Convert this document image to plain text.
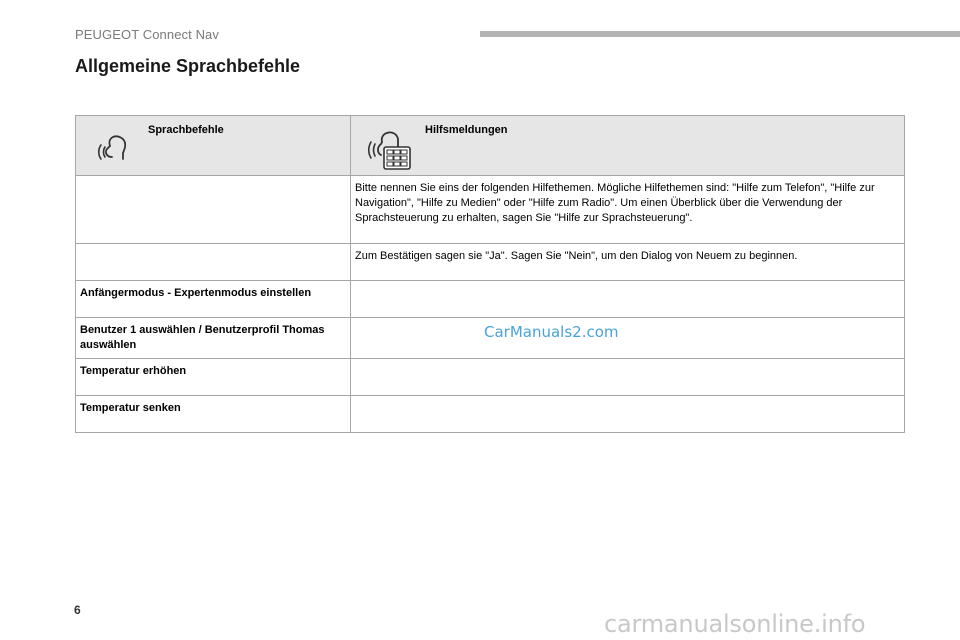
PEUGEOT Connect Nav
Allgemeine Sprachbefehle
Sprachbefehle	Hilfsmeldungen

	Bitte nennen Sie eins der folgenden Hilfethemen. Mögliche Hilfethemen sind: "Hilfe zum Telefon", "Hilfe zur Navigation", "Hilfe zu Medien" oder "Hilfe zum Radio". Um einen Überblick über die Verwendung der Sprachsteuerung zu erhalten, sagen Sie "Hilfe zur Sprachsteuerung".
	Zum Bestätigen sagen sie "Ja". Sagen Sie "Nein", um den Dialog von Neuem zu beginnen.
Anfängermodus - Expertenmodus einstellen	
Benutzer 1 auswählen / Benutzerprofil Thomas auswählen	
Temperatur erhöhen	
Temperatur senken	
CarManuals2.com
6	carmanualsonline.info
